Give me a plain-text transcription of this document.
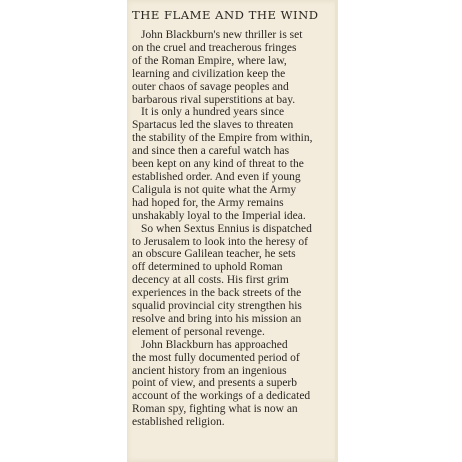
THE FLAME AND THE WIND

John Blackburn's new thriller is set
on the cruel and treacherous fringes
of the Roman Empire, where law,
learning and civilization keep the
outer chaos of savage peoples and
barbarous rival superstitions at bay.

It is only a hundred years since
Spartacus led the slaves to threaten
the stability of the Empire from within,
and since then a careful watch has
been kept on any kind of threat to the
established order. And even if young
Caligula is not quite what the Army
had hoped for, the Army remains
unshakably loyal to the Imperial idea.

So when Sextus Ennius is dispatched
to Jerusalem to look into the heresy of
an obscure Galilean teacher, he sets
off determined to uphold Roman
decency at all costs. His first grim
experiences in the back streets of the
squalid provincial city strengthen his
resolve and bring into his mission an
element of personal revenge.

John Blackburn has approached
the most fully documented period of
ancient history from an ingenious
point of view, and presents a superb
account of the workings of a dedicated
Roman spy, fighting what is now an
established religion.
